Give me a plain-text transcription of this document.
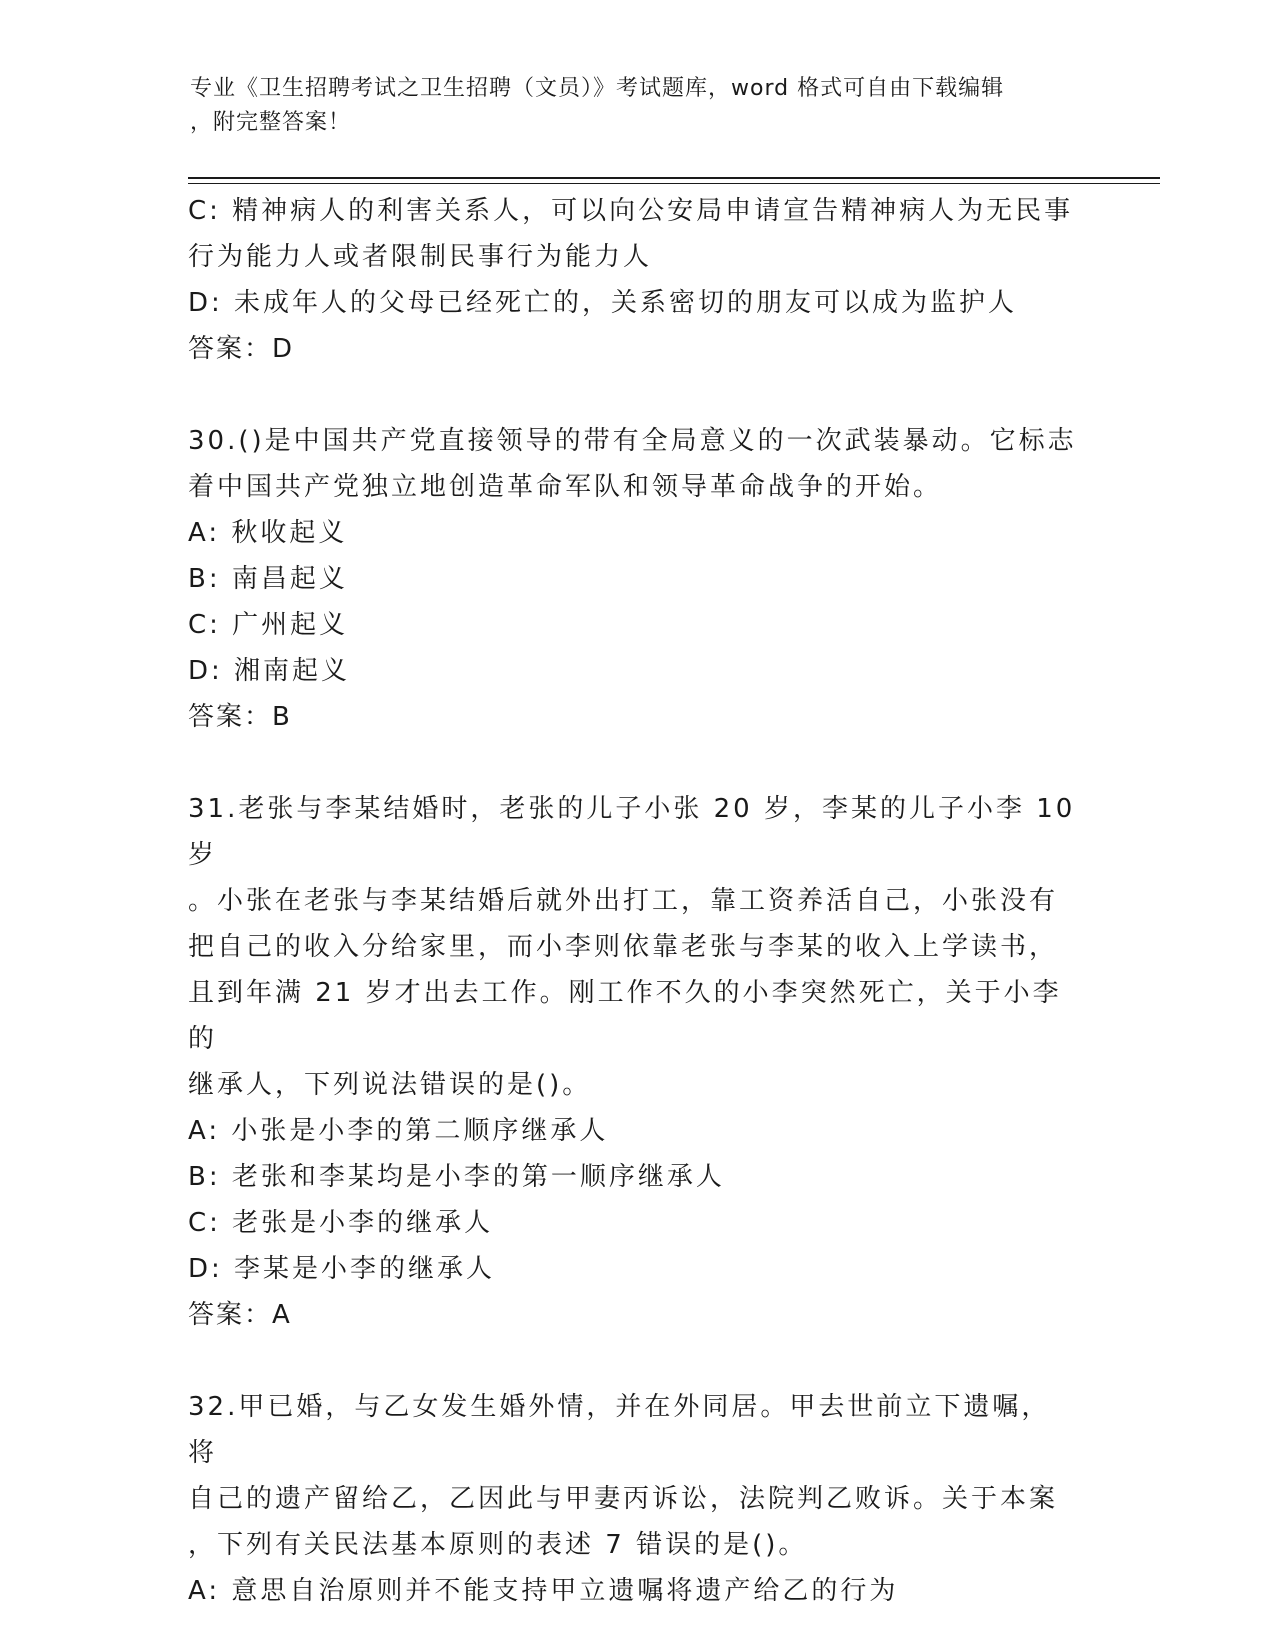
专业《卫生招聘考试之卫生招聘（文员）》考试题库，word 格式可自由下载编辑
，附完整答案！
C: 精神病人的利害关系人，可以向公安局申请宣告精神病人为无民事
行为能力人或者限制民事行为能力人
D: 未成年人的父母已经死亡的，关系密切的朋友可以成为监护人
答案：D
30.()是中国共产党直接领导的带有全局意义的一次武装暴动。它标志
着中国共产党独立地创造革命军队和领导革命战争的开始。
A: 秋收起义
B: 南昌起义
C: 广州起义
D: 湘南起义
答案：B
31.老张与李某结婚时，老张的儿子小张 20 岁，李某的儿子小李 10 岁
。小张在老张与李某结婚后就外出打工，靠工资养活自己，小张没有
把自己的收入分给家里，而小李则依靠老张与李某的收入上学读书，
且到年满 21 岁才出去工作。刚工作不久的小李突然死亡，关于小李的
继承人，下列说法错误的是()。
A: 小张是小李的第二顺序继承人
B: 老张和李某均是小李的第一顺序继承人
C: 老张是小李的继承人
D: 李某是小李的继承人
答案：A
32.甲已婚，与乙女发生婚外情，并在外同居。甲去世前立下遗嘱，将
自己的遗产留给乙，乙因此与甲妻丙诉讼，法院判乙败诉。关于本案
，下列有关民法基本原则的表述 7 错误的是()。
A: 意思自治原则并不能支持甲立遗嘱将遗产给乙的行为
